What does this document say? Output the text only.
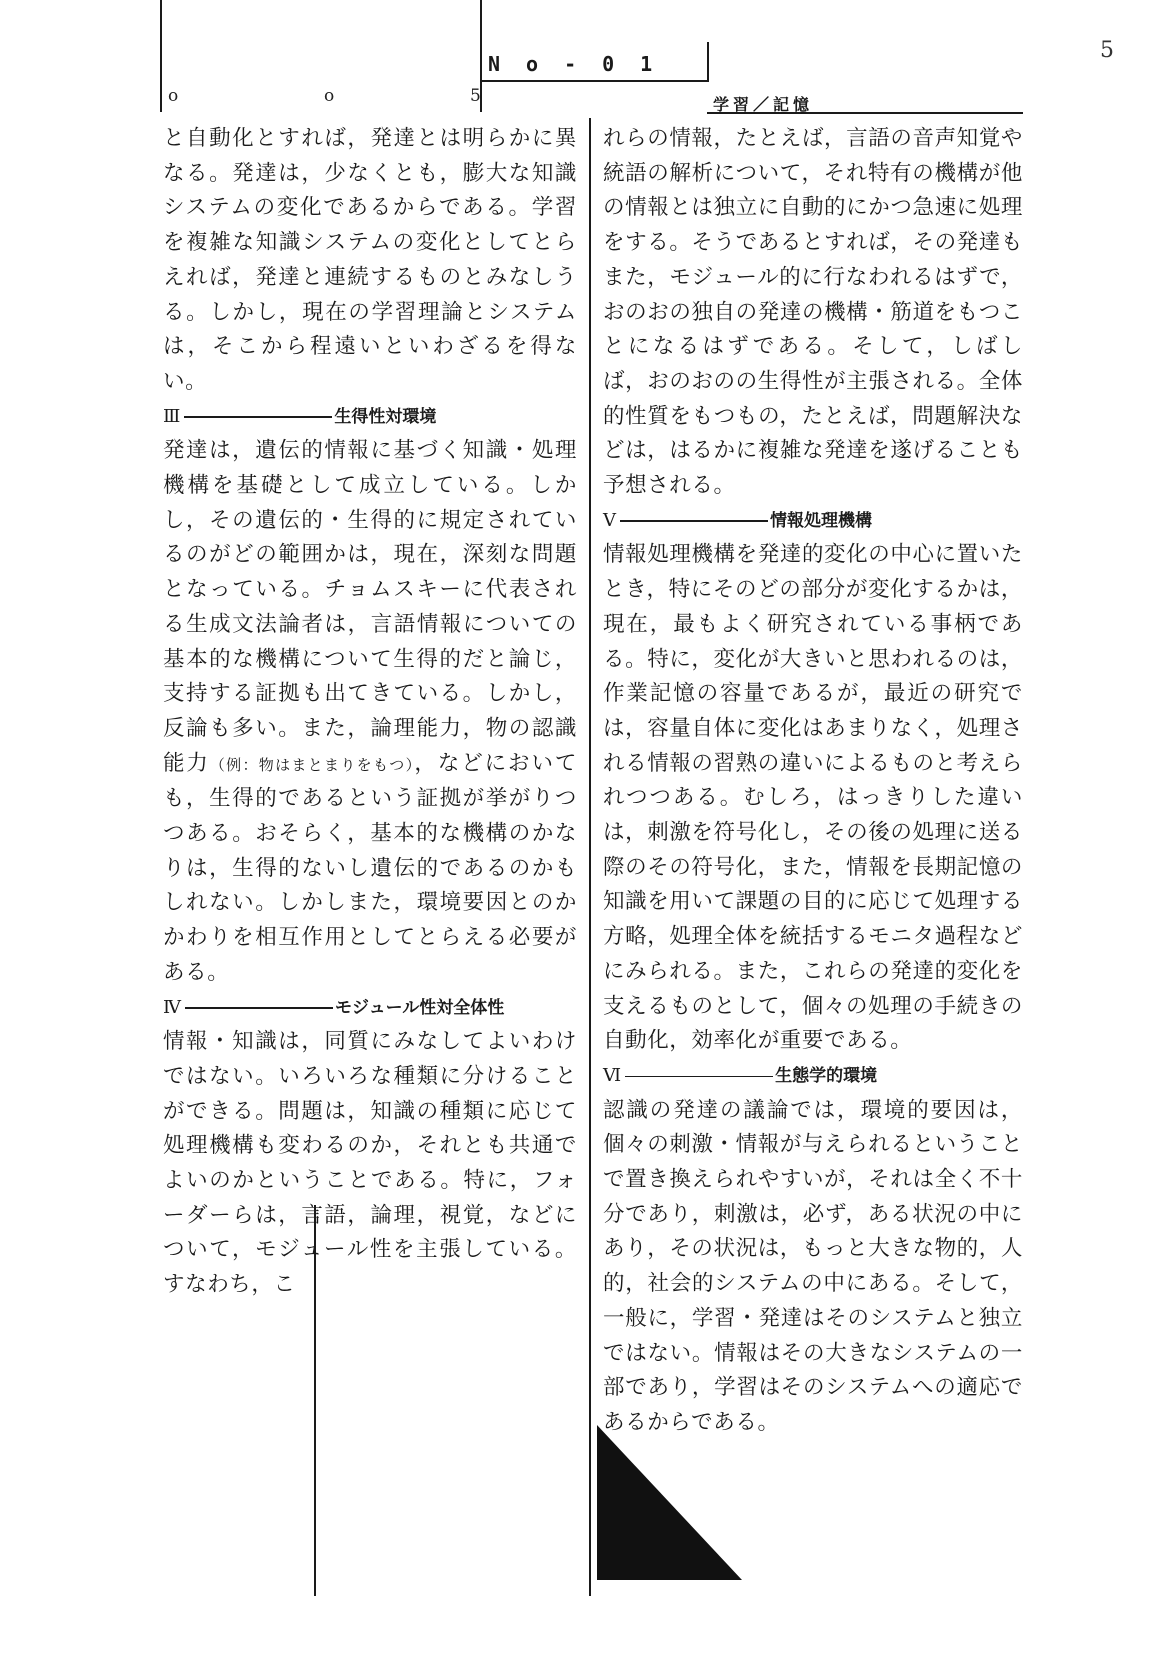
5
o	o	5
No-01
学習／記憶

と自動化とすれば，発達とは明らかに異なる。発達は，少なくとも，膨大な知識システムの変化であるからである。学習を複雑な知識システムの変化としてとらえれば，発達と連続するものとみなしうる。しかし，現在の学習理論とシステムは，そこから程遠いといわざるを得ない。

Ⅲ	生得性対環境

発達は，遺伝的情報に基づく知識・処理機構を基礎として成立している。しかし，その遺伝的・生得的に規定されているのがどの範囲かは，現在，深刻な問題となっている。チョムスキーに代表される生成文法論者は，言語情報についての基本的な機構について生得的だと論じ，支持する証拠も出てきている。しかし，反論も多い。また，論理能力，物の認識能力（例：物はまとまりをもつ），などにおいても，生得的であるという証拠が挙がりつつある。おそらく，基本的な機構のかなりは，生得的ないし遺伝的であるのかもしれない。しかしまた，環境要因とのかかわりを相互作用としてとらえる必要がある。

Ⅳ	モジュール性対全体性

情報・知識は，同質にみなしてよいわけではない。いろいろな種類に分けることができる。問題は，知識の種類に応じて処理機構も変わるのか，それとも共通でよいのかということである。特に，フォーダーらは，言語，論理，視覚，などについて，モジュール性を主張している。すなわち，こ

れらの情報，たとえば，言語の音声知覚や統語の解析について，それ特有の機構が他の情報とは独立に自動的にかつ急速に処理をする。そうであるとすれば，その発達もまた，モジュール的に行なわれるはずで，おのおの独自の発達の機構・筋道をもつことになるはずである。そして，しばしば，おのおのの生得性が主張される。全体的性質をもつもの，たとえば，問題解決などは，はるかに複雑な発達を遂げることも予想される。

Ⅴ	情報処理機構

情報処理機構を発達的変化の中心に置いたとき，特にそのどの部分が変化するかは，現在，最もよく研究されている事柄である。特に，変化が大きいと思われるのは，作業記憶の容量であるが，最近の研究では，容量自体に変化はあまりなく，処理される情報の習熟の違いによるものと考えられつつある。むしろ，はっきりした違いは，刺激を符号化し，その後の処理に送る際のその符号化，また，情報を長期記憶の知識を用いて課題の目的に応じて処理する方略，処理全体を統括するモニタ過程などにみられる。また，これらの発達的変化を支えるものとして，個々の処理の手続きの自動化，効率化が重要である。

Ⅵ	生態学的環境

認識の発達の議論では，環境的要因は，個々の刺激・情報が与えられるということで置き換えられやすいが，それは全く不十分であり，刺激は，必ず，ある状況の中にあり，その状況は，もっと大きな物的，人的，社会的システムの中にある。そして，一般に，学習・発達はそのシステムと独立ではない。情報はその大きなシステムの一部であり，学習はそのシステムへの適応であるからである。
